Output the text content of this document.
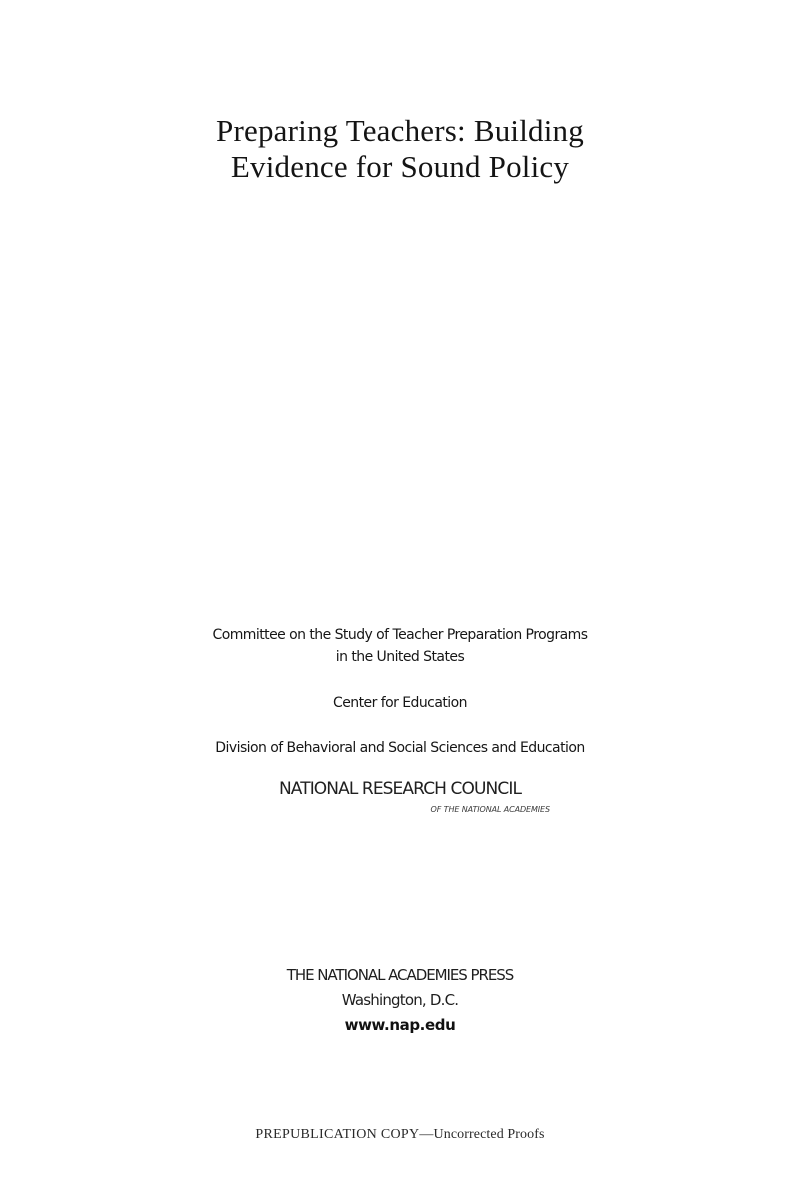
Preparing Teachers: Building
Evidence for Sound Policy
Committee on the Study of Teacher Preparation Programs
in the United States
Center for Education
Division of Behavioral and Social Sciences and Education
NATIONAL RESEARCH COUNCIL
OF THE NATIONAL ACADEMIES
THE NATIONAL ACADEMIES PRESS
Washington, D.C.
www.nap.edu
PREPUBLICATION COPY—Uncorrected Proofs
